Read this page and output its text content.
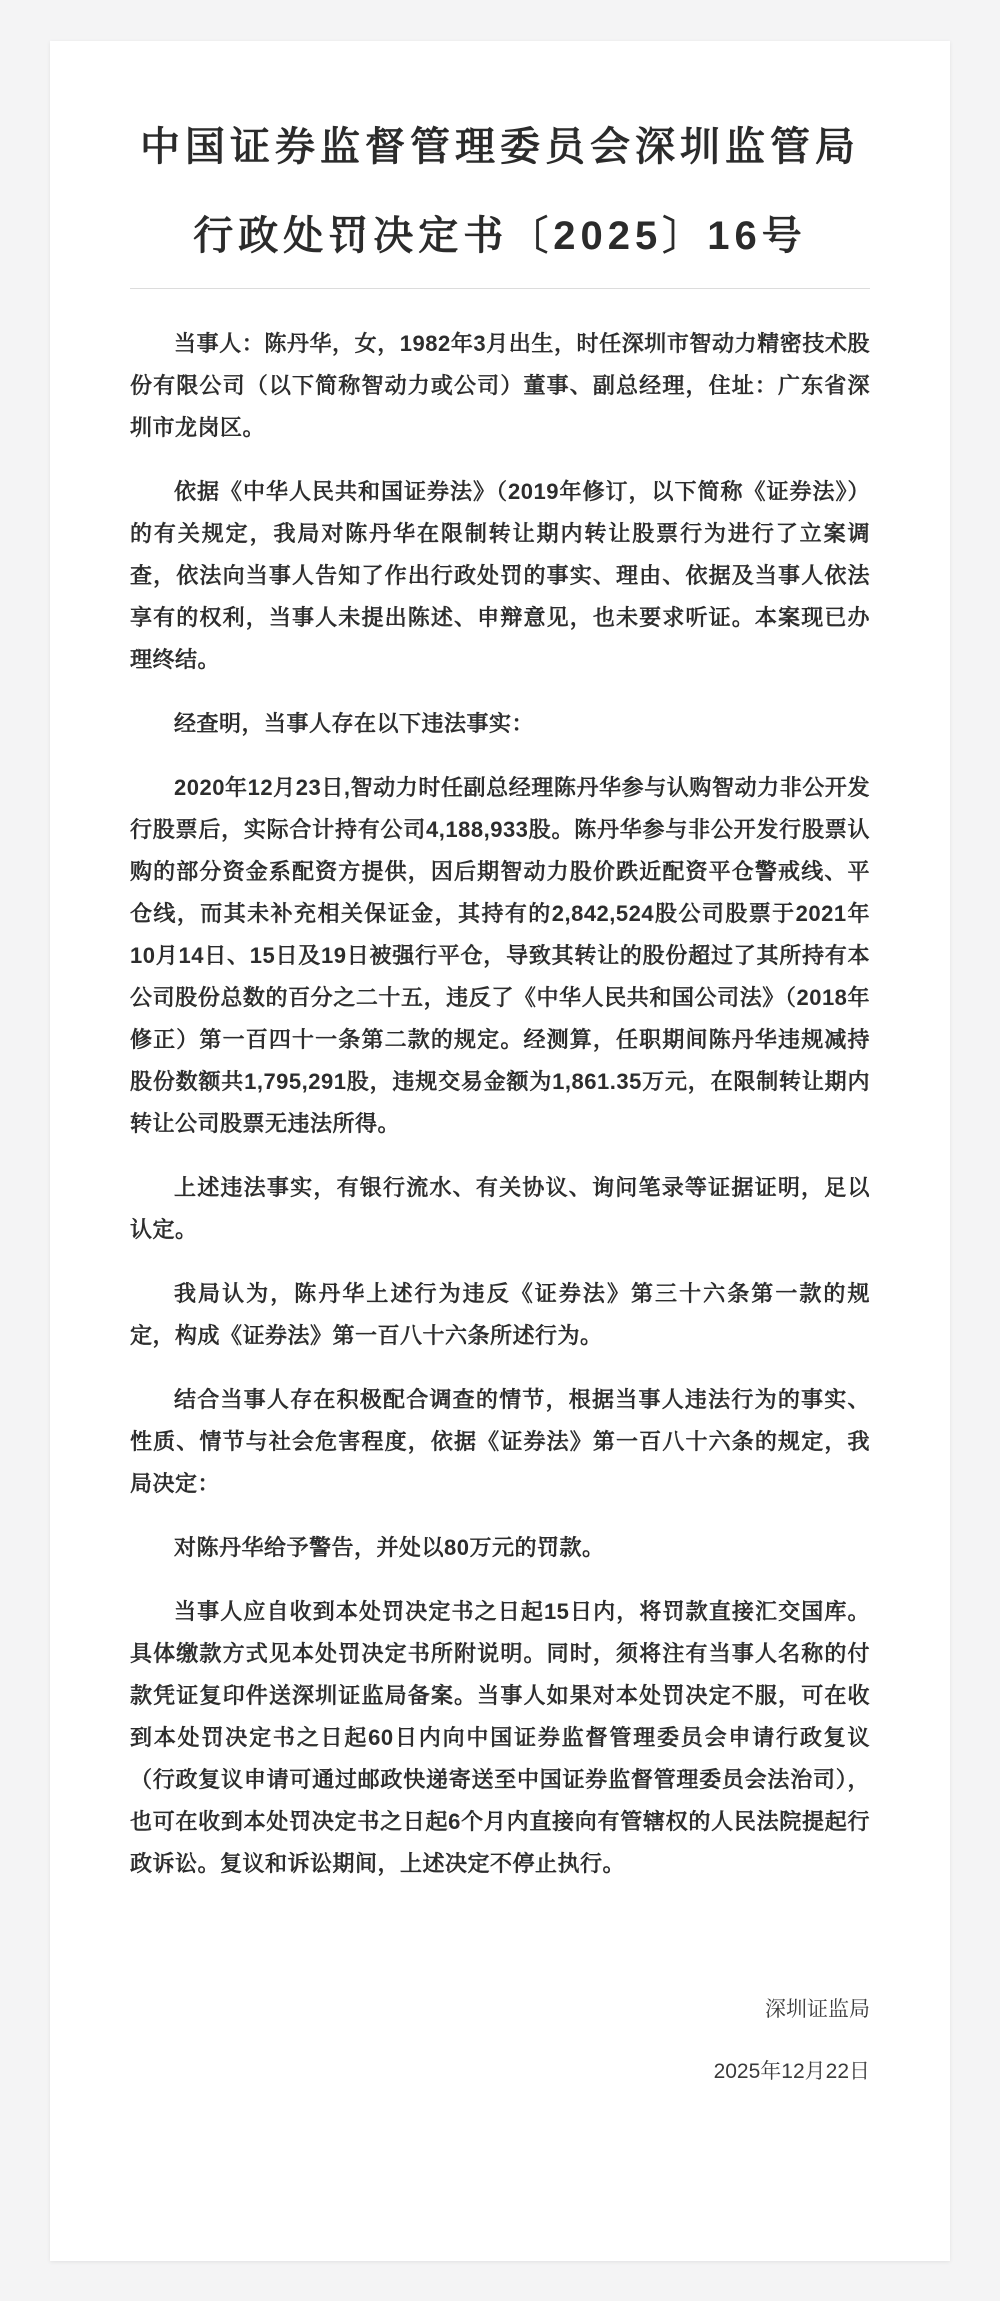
中国证券监督管理委员会深圳监管局
行政处罚决定书〔2025〕16号

当事人：陈丹华，女，1982年3月出生，时任深圳市智动力精密技术股份有限公司（以下简称智动力或公司）董事、副总经理，住址：广东省深圳市龙岗区。

依据《中华人民共和国证券法》（2019年修订，以下简称《证券法》）的有关规定，我局对陈丹华在限制转让期内转让股票行为进行了立案调查，依法向当事人告知了作出行政处罚的事实、理由、依据及当事人依法享有的权利，当事人未提出陈述、申辩意见，也未要求听证。本案现已办理终结。

经查明，当事人存在以下违法事实：

2020年12月23日,智动力时任副总经理陈丹华参与认购智动力非公开发行股票后，实际合计持有公司4,188,933股。陈丹华参与非公开发行股票认购的部分资金系配资方提供，因后期智动力股价跌近配资平仓警戒线、平仓线，而其未补充相关保证金，其持有的2,842,524股公司股票于2021年10月14日、15日及19日被强行平仓，导致其转让的股份超过了其所持有本公司股份总数的百分之二十五，违反了《中华人民共和国公司法》（2018年修正）第一百四十一条第二款的规定。经测算，任职期间陈丹华违规减持股份数额共1,795,291股，违规交易金额为1,861.35万元，在限制转让期内转让公司股票无违法所得。

上述违法事实，有银行流水、有关协议、询问笔录等证据证明，足以认定。

我局认为，陈丹华上述行为违反《证券法》第三十六条第一款的规定，构成《证券法》第一百八十六条所述行为。

结合当事人存在积极配合调查的情节，根据当事人违法行为的事实、性质、情节与社会危害程度，依据《证券法》第一百八十六条的规定，我局决定：

对陈丹华给予警告，并处以80万元的罚款。

当事人应自收到本处罚决定书之日起15日内，将罚款直接汇交国库。具体缴款方式见本处罚决定书所附说明。同时，须将注有当事人名称的付款凭证复印件送深圳证监局备案。当事人如果对本处罚决定不服，可在收到本处罚决定书之日起60日内向中国证券监督管理委员会申请行政复议（行政复议申请可通过邮政快递寄送至中国证券监督管理委员会法治司），也可在收到本处罚决定书之日起6个月内直接向有管辖权的人民法院提起行政诉讼。复议和诉讼期间，上述决定不停止执行。

深圳证监局
2025年12月22日
